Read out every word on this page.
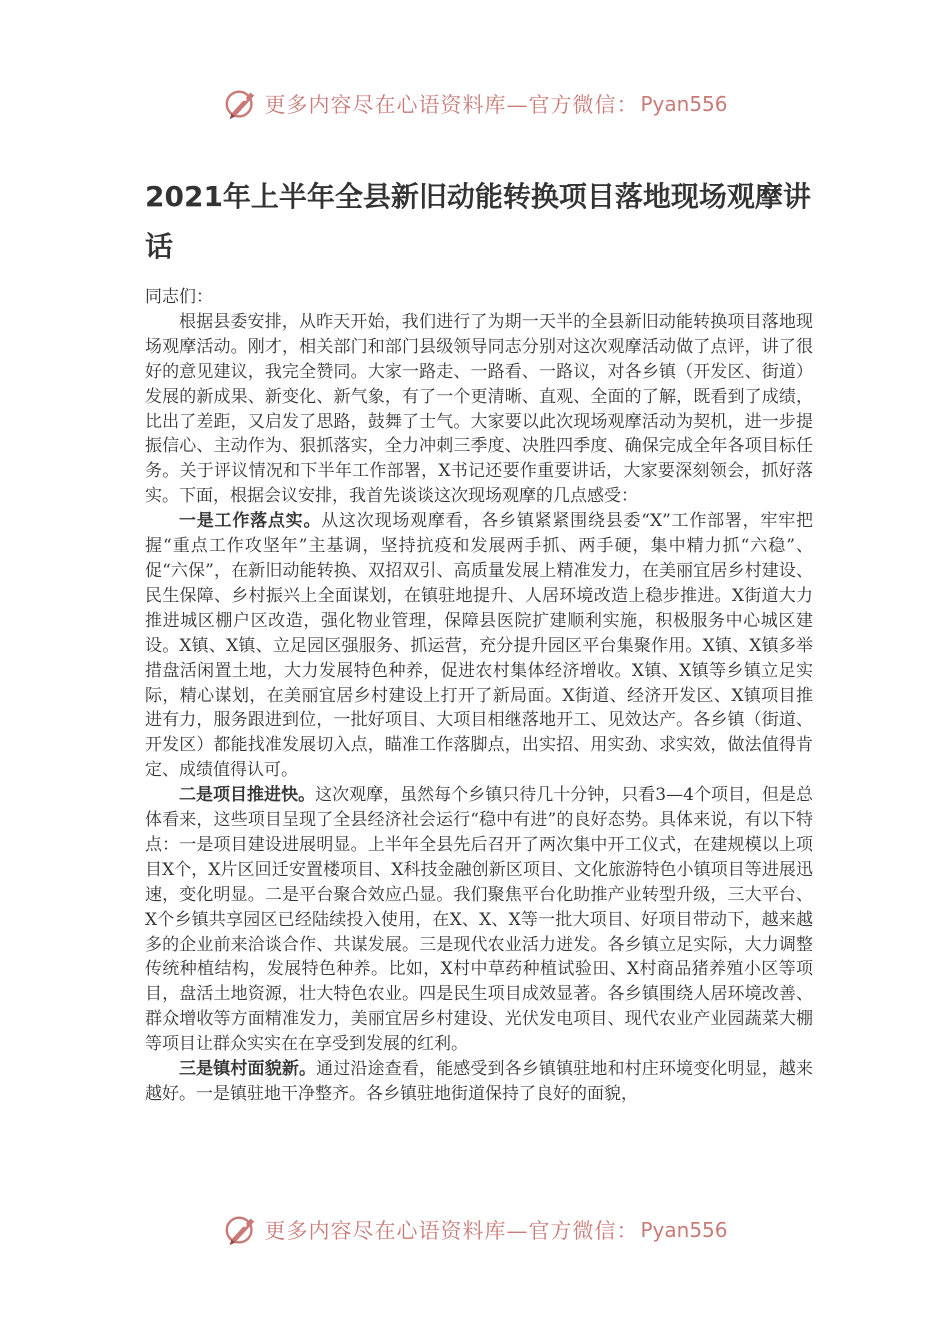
更多内容尽在心语资料库—官方微信： Pyan556
2021年上半年全县新旧动能转换项目落地现场观摩讲话

同志们：

根据县委安排，从昨天开始，我们进行了为期一天半的全县新旧动能转换项目落地现场观摩活动。刚才，相关部门和部门县级领导同志分别对这次观摩活动做了点评，讲了很好的意见建议，我完全赞同。大家一路走、一路看、一路议，对各乡镇（开发区、街道）发展的新成果、新变化、新气象，有了一个更清晰、直观、全面的了解，既看到了成绩，比出了差距，又启发了思路，鼓舞了士气。大家要以此次现场观摩活动为契机，进一步提振信心、主动作为、狠抓落实，全力冲刺三季度、决胜四季度、确保完成全年各项目标任务。关于评议情况和下半年工作部署，X书记还要作重要讲话，大家要深刻领会，抓好落实。下面，根据会议安排，我首先谈谈这次现场观摩的几点感受：

一是工作落点实。从这次现场观摩看，各乡镇紧紧围绕县委“X”工作部署，牢牢把握“重点工作攻坚年”主基调，坚持抗疫和发展两手抓、两手硬，集中精力抓“六稳”、促“六保”，在新旧动能转换、双招双引、高质量发展上精准发力，在美丽宜居乡村建设、民生保障、乡村振兴上全面谋划，在镇驻地提升、人居环境改造上稳步推进。X街道大力推进城区棚户区改造，强化物业管理，保障县医院扩建顺利实施，积极服务中心城区建设。X镇、X镇、立足园区强服务、抓运营，充分提升园区平台集聚作用。X镇、X镇多举措盘活闲置土地，大力发展特色种养，促进农村集体经济增收。X镇、X镇等乡镇立足实际，精心谋划，在美丽宜居乡村建设上打开了新局面。X街道、经济开发区、X镇项目推进有力，服务跟进到位，一批好项目、大项目相继落地开工、见效达产。各乡镇（街道、开发区）都能找准发展切入点，瞄准工作落脚点，出实招、用实劲、求实效，做法值得肯定、成绩值得认可。

二是项目推进快。这次观摩，虽然每个乡镇只待几十分钟，只看3—4个项目，但是总体看来，这些项目呈现了全县经济社会运行“稳中有进”的良好态势。具体来说，有以下特点：一是项目建设进展明显。上半年全县先后召开了两次集中开工仪式，在建规模以上项目X个，X片区回迁安置楼项目、X科技金融创新区项目、文化旅游特色小镇项目等进展迅速，变化明显。二是平台聚合效应凸显。我们聚焦平台化助推产业转型升级，三大平台、X个乡镇共享园区已经陆续投入使用，在X、X、X等一批大项目、好项目带动下，越来越多的企业前来洽谈合作、共谋发展。三是现代农业活力迸发。各乡镇立足实际，大力调整传统种植结构，发展特色种养。比如，X村中草药种植试验田、X村商品猪养殖小区等项目，盘活土地资源，壮大特色农业。四是民生项目成效显著。各乡镇围绕人居环境改善、群众增收等方面精准发力，美丽宜居乡村建设、光伏发电项目、现代农业产业园蔬菜大棚等项目让群众实实在在享受到发展的红利。

三是镇村面貌新。通过沿途查看，能感受到各乡镇镇驻地和村庄环境变化明显，越来越好。一是镇驻地干净整齐。各乡镇驻地街道保持了良好的面貌，

更多内容尽在心语资料库—官方微信： Pyan556
